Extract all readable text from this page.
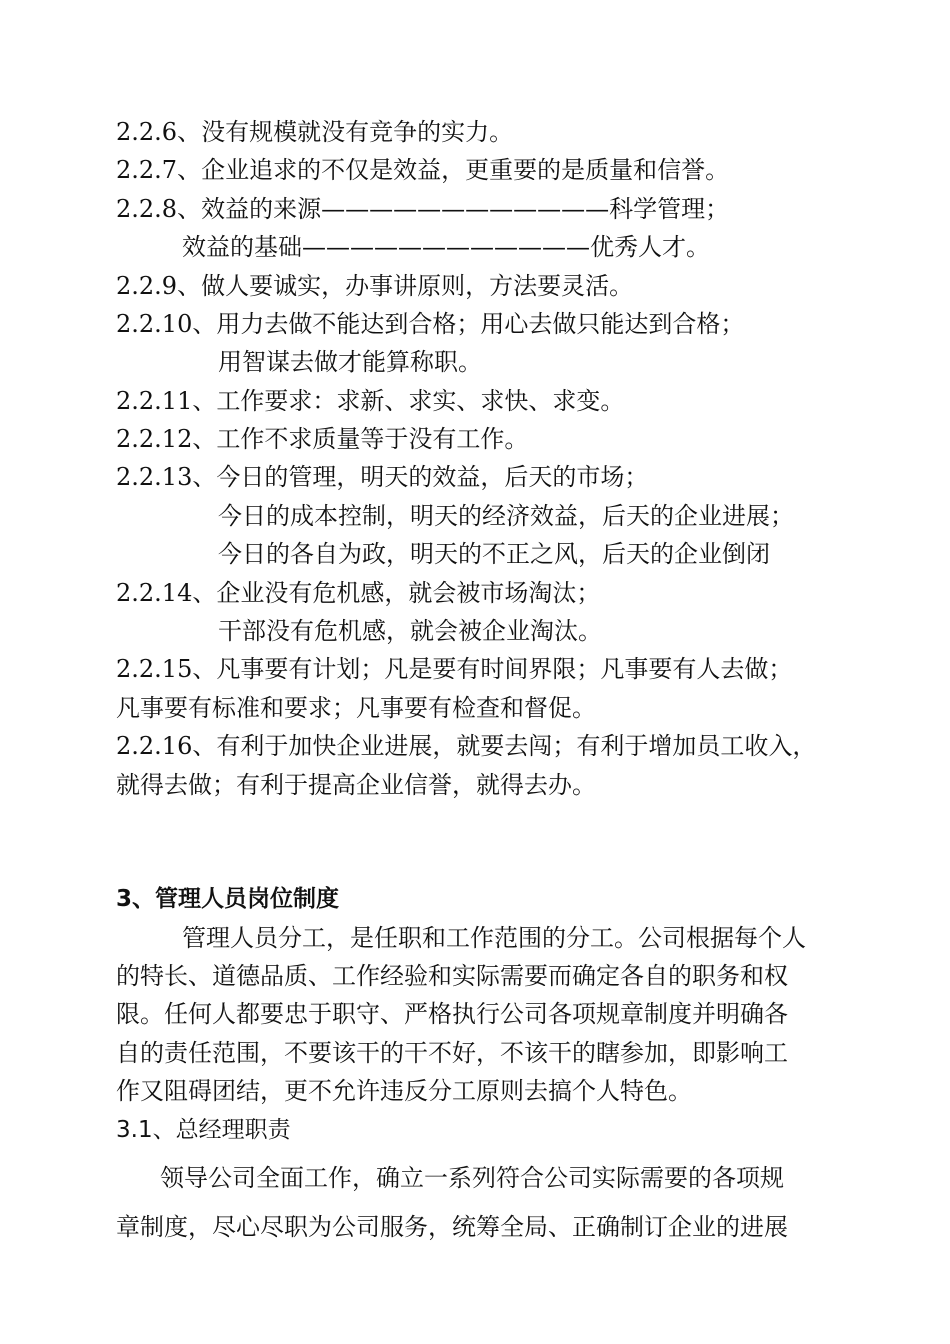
2.2.6、没有规模就没有竞争的实力。
2.2.7、企业追求的不仅是效益，更重要的是质量和信誉。
2.2.8、效益的来源————————————科学管理；
效益的基础————————————优秀人才。
2.2.9、做人要诚实，办事讲原则，方法要灵活。
2.2.10、用力去做不能达到合格；用心去做只能达到合格；
用智谋去做才能算称职。
2.2.11、工作要求：求新、求实、求快、求变。
2.2.12、工作不求质量等于没有工作。
2.2.13、今日的管理，明天的效益，后天的市场；
今日的成本控制，明天的经济效益，后天的企业进展；
今日的各自为政，明天的不正之风，后天的企业倒闭
2.2.14、企业没有危机感，就会被市场淘汰；
干部没有危机感，就会被企业淘汰。
2.2.15、凡事要有计划；凡是要有时间界限；凡事要有人去做；
凡事要有标准和要求；凡事要有检查和督促。
2.2.16、有利于加快企业进展，就要去闯；有利于增加员工收入，
就得去做；有利于提高企业信誉，就得去办。
3、管理人员岗位制度
管理人员分工，是任职和工作范围的分工。公司根据每个人
的特长、道德品质、工作经验和实际需要而确定各自的职务和权
限。任何人都要忠于职守、严格执行公司各项规章制度并明确各
自的责任范围，不要该干的干不好，不该干的瞎参加，即影响工
作又阻碍团结，更不允许违反分工原则去搞个人特色。
3.1、总经理职责
领导公司全面工作，确立一系列符合公司实际需要的各项规
章制度，尽心尽职为公司服务，统筹全局、正确制订企业的进展
